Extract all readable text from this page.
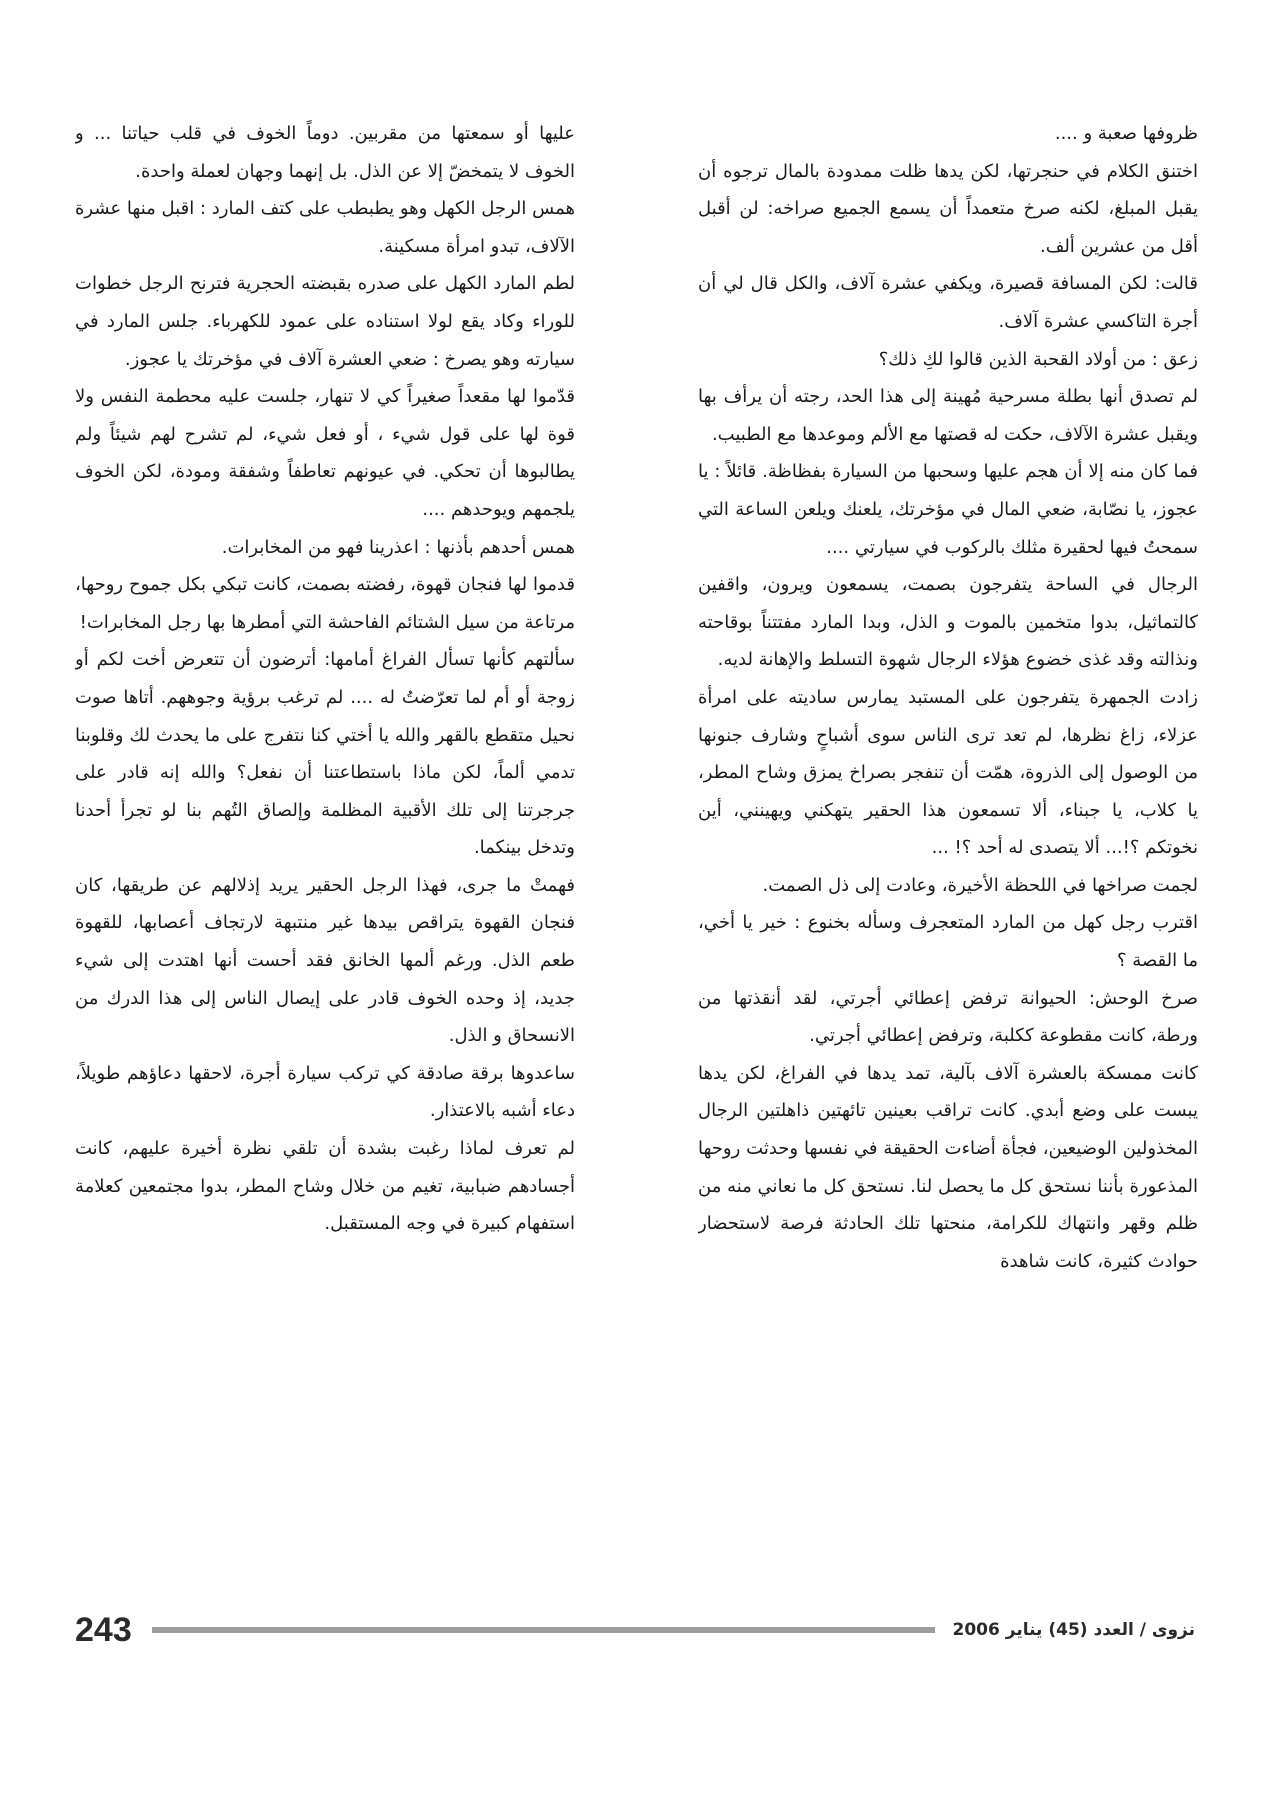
ظروفها صعبة و ....

اختنق الكلام في حنجرتها، لكن يدها ظلت ممدودة بالمال ترجوه أن يقبل المبلغ، لكنه صرخ متعمداً أن يسمع الجميع صراخه: لن أقبل أقل من عشرين ألف.

قالت: لكن المسافة قصيرة، ويكفي عشرة آلاف، والكل قال لي أن أجرة التاكسي عشرة آلاف.

زعق : من أولاد القحبة الذين قالوا لكِ ذلك؟

لم تصدق أنها بطلة مسرحية مُهينة إلى هذا الحد، رجته أن يرأف بها ويقبل عشرة الآلاف، حكت له قصتها مع الألم وموعدها مع الطبيب.

فما كان منه إلا أن هجم عليها وسحبها من السيارة بفظاظة. قائلاً : يا عجوز، يا نصّابة، ضعي المال في مؤخرتك، يلعنك ويلعن الساعة التي سمحتُ فيها لحقيرة مثلك بالركوب في سيارتي ....

الرجال في الساحة يتفرجون بصمت، يسمعون ويرون، واقفين كالتماثيل، بدوا متخمين بالموت و الذل، وبدا المارد مفتتناً بوقاحته ونذالته وقد غذى خضوع هؤلاء الرجال شهوة التسلط والإهانة لديه.

زادت الجمهرة يتفرجون على المستبد يمارس ساديته على امرأة عزلاء، زاغ نظرها، لم تعد ترى الناس سوى أشباحٍ وشارف جنونها من الوصول إلى الذروة، همّت أن تنفجر بصراخ يمزق وشاح المطر، يا كلاب، يا جبناء، ألا تسمعون هذا الحقير يتهكني ويهينني، أين نخوتكم ؟!... ألا يتصدى له أحد ؟! ...

لجمت صراخها في اللحظة الأخيرة، وعادت إلى ذل الصمت.

اقترب رجل كهل من المارد المتعجرف وسأله بخنوع : خير يا أخي، ما القصة ؟

صرخ الوحش: الحيوانة ترفض إعطائي أجرتي، لقد أنقذتها من ورطة، كانت مقطوعة ككلبة، وترفض إعطائي أجرتي.

كانت ممسكة بالعشرة آلاف بآلية، تمد يدها في الفراغ، لكن يدها يبست على وضع أبدي. كانت تراقب بعينين تائهتين ذاهلتين الرجال المخذولين الوضيعين، فجأة أضاءت الحقيقة في نفسها وحدثت روحها المذعورة بأننا نستحق كل ما يحصل لنا. نستحق كل ما نعاني منه من ظلم وقهر وانتهاك للكرامة، منحتها تلك الحادثة فرصة لاستحضار حوادث كثيرة، كانت شاهدة

عليها أو سمعتها من مقربين. دوماً الخوف في قلب حياتنا ... و الخوف لا يتمخضّ إلا عن الذل. بل إنهما وجهان لعملة واحدة.

همس الرجل الكهل وهو يطبطب على كتف المارد : اقبل منها عشرة الآلاف، تبدو امرأة مسكينة.

لطم المارد الكهل على صدره بقبضته الحجرية فترنح الرجل خطوات للوراء وكاد يقع لولا استناده على عمود للكهرباء. جلس المارد في سيارته وهو يصرخ : ضعي العشرة آلاف في مؤخرتك يا عجوز.

قدّموا لها مقعداً صغيراً كي لا تنهار، جلست عليه محطمة النفس ولا قوة لها على قول شيء ، أو فعل شيء، لم تشرح لهم شيئاً ولم يطالبوها أن تحكي. في عيونهم تعاطفاً وشفقة ومودة، لكن الخوف يلجمهم ويوحدهم ....

همس أحدهم بأذنها : اعذرينا فهو من المخابرات.

قدموا لها فنجان قهوة، رفضته بصمت، كانت تبكي بكل جموح روحها، مرتاعة من سيل الشتائم الفاحشة التي أمطرها بها رجل المخابرات!

سألتهم كأنها تسأل الفراغ أمامها: أترضون أن تتعرض أخت لكم أو زوجة أو أم لما تعرّضتُ له .... لم ترغب برؤية وجوههم. أتاها صوت نحيل متقطع بالقهر والله يا أختي كنا نتفرج على ما يحدث لك وقلوبنا تدمي ألماً، لكن ماذا باستطاعتنا أن نفعل؟ والله إنه قادر على جرجرتنا إلى تلك الأقبية المظلمة وإلصاق التُهم بنا لو تجرأ أحدنا وتدخل بينكما.

فهمتْ ما جرى، فهذا الرجل الحقير يريد إذلالهم عن طريقها، كان فنجان القهوة يتراقص بيدها غير منتبهة لارتجاف أعصابها، للقهوة طعم الذل. ورغم ألمها الخانق فقد أحست أنها اهتدت إلى شيء جديد، إذ وحده الخوف قادر على إيصال الناس إلى هذا الدرك من الانسحاق و الذل.

ساعدوها برقة صادقة كي تركب سيارة أجرة، لاحقها دعاؤهم طويلاً، دعاء أشبه بالاعتذار.

لم تعرف لماذا رغبت بشدة أن تلقي نظرة أخيرة عليهم، كانت أجسادهم ضبابية، تغيم من خلال وشاح المطر، بدوا مجتمعين كعلامة استفهام كبيرة في وجه المستقبل.

243	نزوى / العدد (45) يناير 2006
